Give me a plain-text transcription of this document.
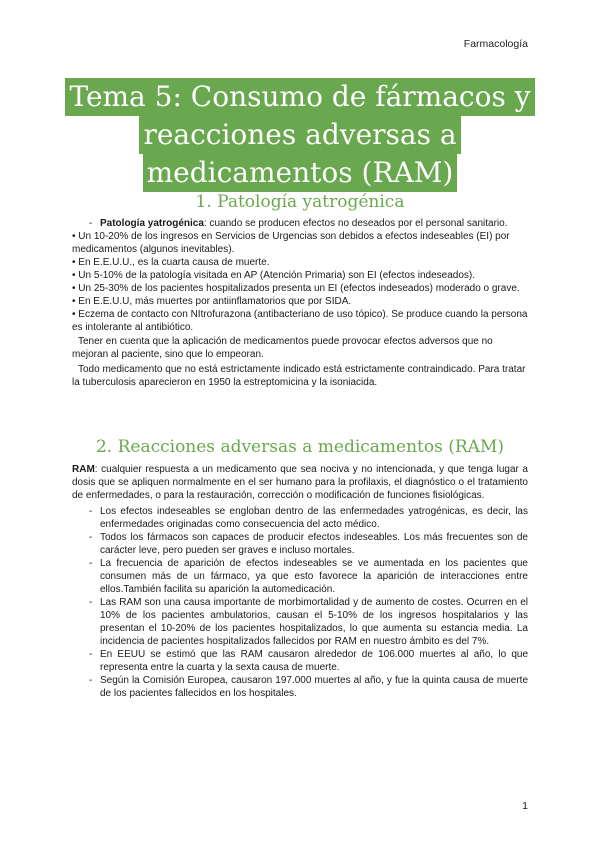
Farmacología
Tema 5: Consumo de fármacos y
reacciones adversas a
medicamentos (RAM)
1. Patología yatrogénica
- Patología yatrogénica: cuando se producen efectos no deseados por el personal sanitario.
• Un 10-20% de los ingresos en Servicios de Urgencias son debidos a efectos indeseables (EI) por medicamentos (algunos inevitables).
• En E.E.U.U., es la cuarta causa de muerte.
• Un 5-10% de la patología visitada en AP (Atención Primaria) son EI (efectos indeseados).
• Un 25-30% de los pacientes hospitalizados presenta un EI (efectos indeseados) moderado o grave.
• En E.E.U.U, más muertes por antiinflamatorios que por SIDA.
• Eczema de contacto con NItrofurazona (antibacteriano de uso tópico). Se produce cuando la persona es intolerante al antibiótico.
Tener en cuenta que la aplicación de medicamentos puede provocar efectos adversos que no mejoran al paciente, sino que lo empeoran.
Todo medicamento que no está estrictamente indicado está estrictamente contraindicado. Para tratar la tuberculosis aparecieron en 1950 la estreptomicina y la isoniacida.
2. Reacciones adversas a medicamentos (RAM)
RAM: cualquier respuesta a un medicamento que sea nociva y no intencionada, y que tenga lugar a dosis que se apliquen normalmente en el ser humano para la profilaxis, el diagnóstico o el tratamiento de enfermedades, o para la restauración, corrección o modificación de funciones fisiológicas.
- Los efectos indeseables se engloban dentro de las enfermedades yatrogénicas, es decir, las enfermedades originadas como consecuencia del acto médico.
- Todos los fármacos son capaces de producir efectos indeseables. Los más frecuentes son de carácter leve, pero pueden ser graves e incluso mortales.
- La frecuencia de aparición de efectos indeseables se ve aumentada en los pacientes que consumen más de un fármaco, ya que esto favorece la aparición de interacciones entre ellos.También facilita su aparición la automedicación.
- Las RAM son una causa importante de morbimortalidad y de aumento de costes. Ocurren en el 10% de los pacientes ambulatorios, causan el 5-10% de los ingresos hospitalarios y las presentan el 10-20% de los pacientes hospitalizados, lo que aumenta su estancia media. La incidencia de pacientes hospitalizados fallecidos por RAM en nuestro ámbito es del 7%.
- En EEUU se estimó que las RAM causaron alrededor de 106.000 muertes al año, lo que representa entre la cuarta y la sexta causa de muerte.
- Según la Comisión Europea, causaron 197.000 muertes al año, y fue la quinta causa de muerte de los pacientes fallecidos en los hospitales.
1
